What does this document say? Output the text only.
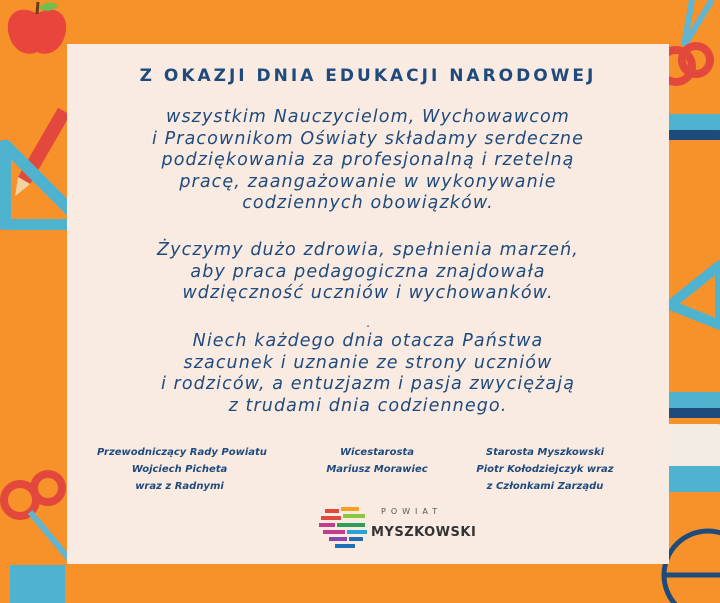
Z OKAZJI DNIA EDUKACJI NARODOWEJ
wszystkim Nauczycielom, Wychowawcom
i Pracownikom Oświaty składamy serdeczne
podziękowania za profesjonalną i rzetelną
pracę, zaangażowanie w wykonywanie
codziennych obowiązków.
Życzymy dużo zdrowia, spełnienia marzeń,
aby praca pedagogiczna znajdowała
wdzięczność uczniów i wychowanków.
.
Niech każdego dnia otacza Państwa
szacunek i uznanie ze strony uczniów
i rodziców, a entuzjazm i pasja zwyciężają
z trudami dnia codziennego.
Przewodniczący Rady Powiatu
Wojciech Picheta
wraz z Radnymi
Wicestarosta
Mariusz Morawiec
Starosta Myszkowski
Piotr Kołodziejczyk wraz
z Członkami Zarządu
POWIAT
MYSZKOWSKI
